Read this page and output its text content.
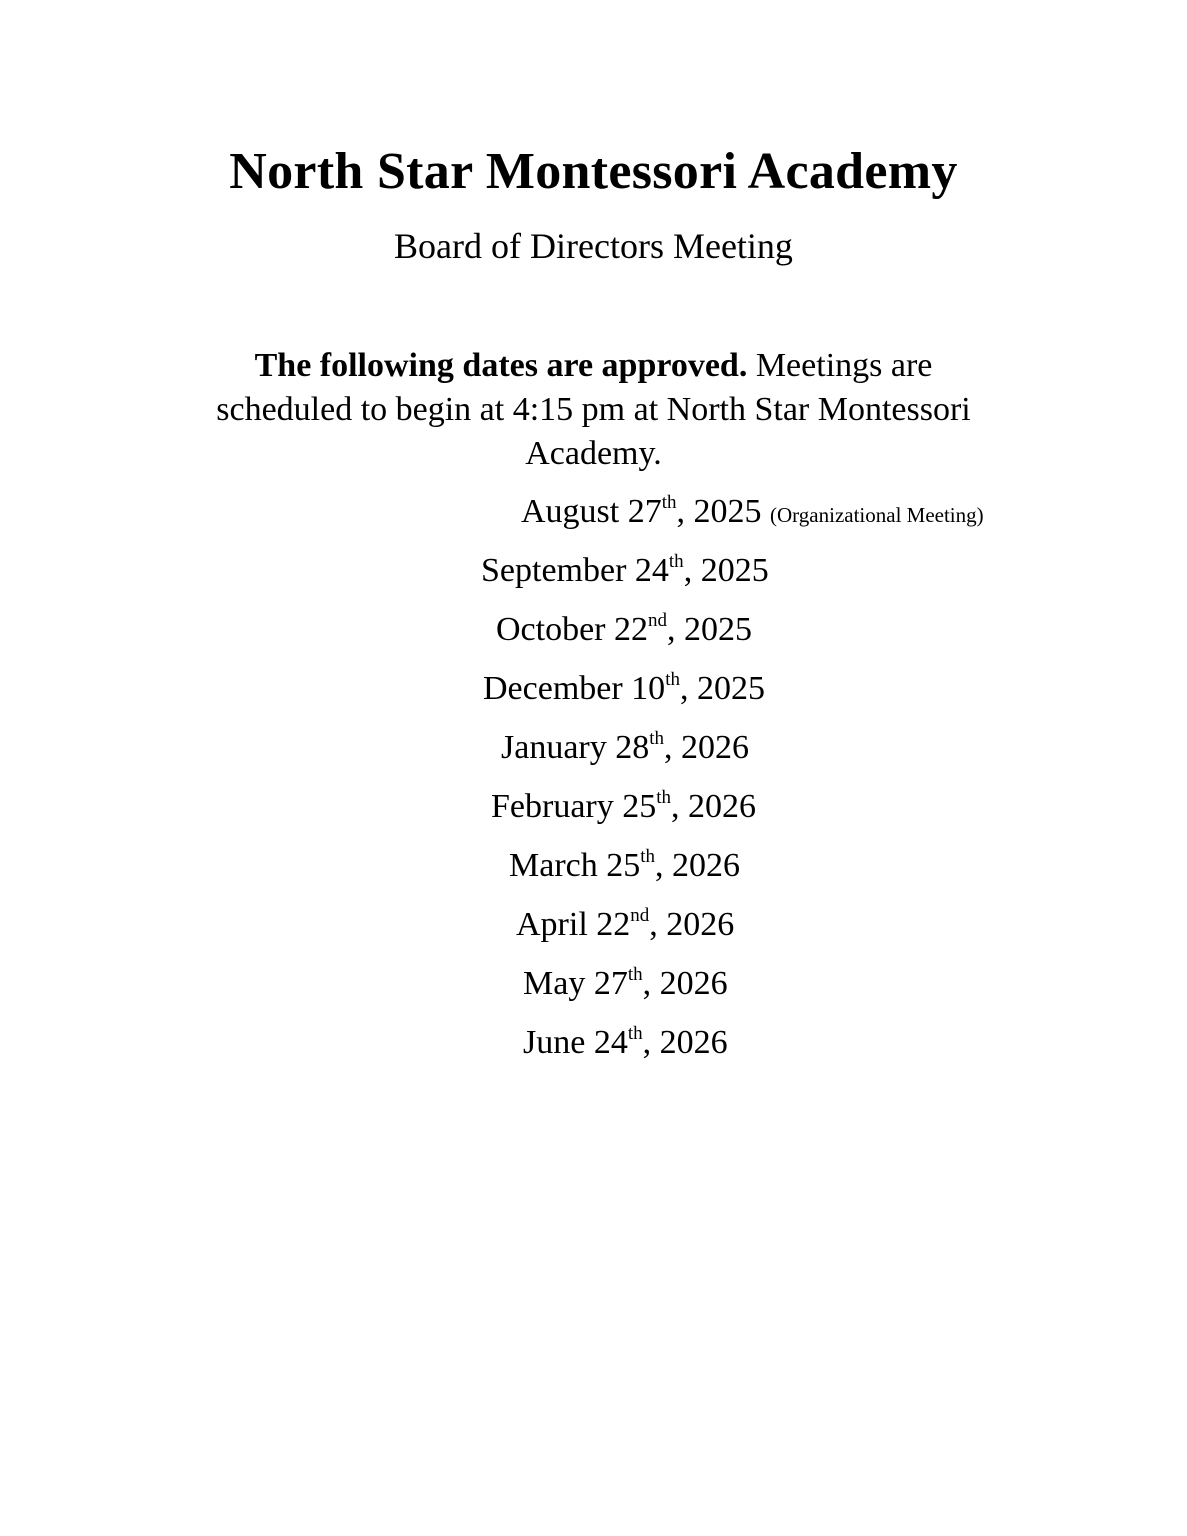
North Star Montessori Academy
Board of Directors Meeting

The following dates are approved. Meetings are scheduled to begin at 4:15 pm at North Star Montessori Academy.

August 27th, 2025 (Organizational Meeting)
September 24th, 2025
October 22nd, 2025
December 10th, 2025
January 28th, 2026
February 25th, 2026
March 25th, 2026
April 22nd, 2026
May 27th, 2026
June 24th, 2026
